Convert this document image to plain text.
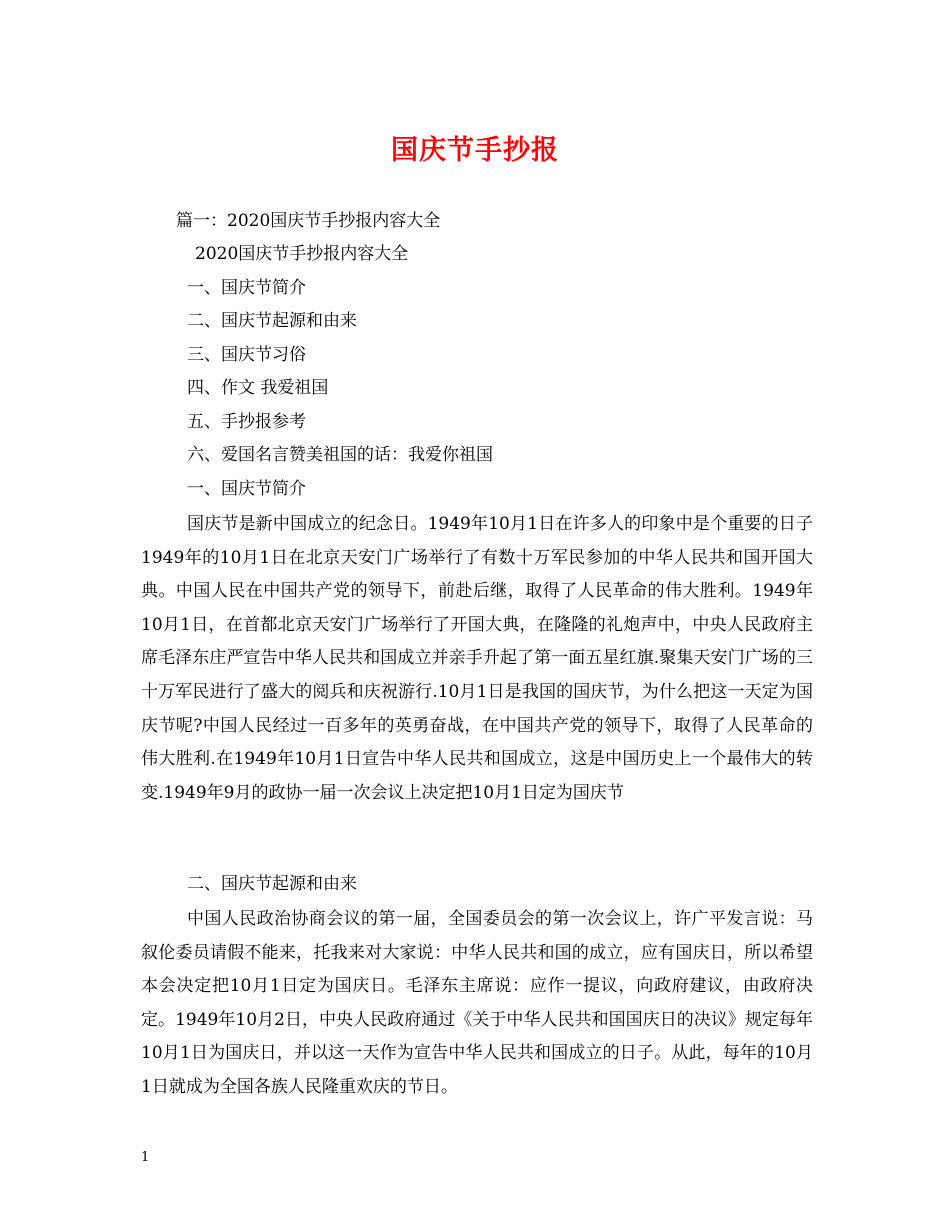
国庆节手抄报
篇一：2020国庆节手抄报内容大全
2020国庆节手抄报内容大全
一、国庆节简介
二、国庆节起源和由来
三、国庆节习俗
四、作文 我爱祖国
五、手抄报参考
六、爱国名言赞美祖国的话：我爱你祖国
一、国庆节简介

国庆节是新中国成立的纪念日。1949年10月1日在许多人的印象中是个重要的日子1949年的10月1日在北京天安门广场举行了有数十万军民参加的中华人民共和国开国大典。中国人民在中国共产党的领导下，前赴后继，取得了人民革命的伟大胜利。1949年10月1日，在首都北京天安门广场举行了开国大典，在隆隆的礼炮声中，中央人民政府主席毛泽东庄严宣告中华人民共和国成立并亲手升起了第一面五星红旗.聚集天安门广场的三十万军民进行了盛大的阅兵和庆祝游行.10月1日是我国的国庆节，为什么把这一天定为国庆节呢?中国人民经过一百多年的英勇奋战，在中国共产党的领导下，取得了人民革命的伟大胜利.在1949年10月1日宣告中华人民共和国成立，这是中国历史上一个最伟大的转变.1949年9月的政协一届一次会议上决定把10月1日定为国庆节

二、国庆节起源和由来

中国人民政治协商会议的第一届，全国委员会的第一次会议上，许广平发言说：马叙伦委员请假不能来，托我来对大家说：中华人民共和国的成立，应有国庆日，所以希望本会决定把10月1日定为国庆日。毛泽东主席说：应作一提议，向政府建议，由政府决定。1949年10月2日，中央人民政府通过《关于中华人民共和国国庆日的决议》规定每年10月1日为国庆日，并以这一天作为宣告中华人民共和国成立的日子。从此，每年的10月1日就成为全国各族人民隆重欢庆的节日。

1
